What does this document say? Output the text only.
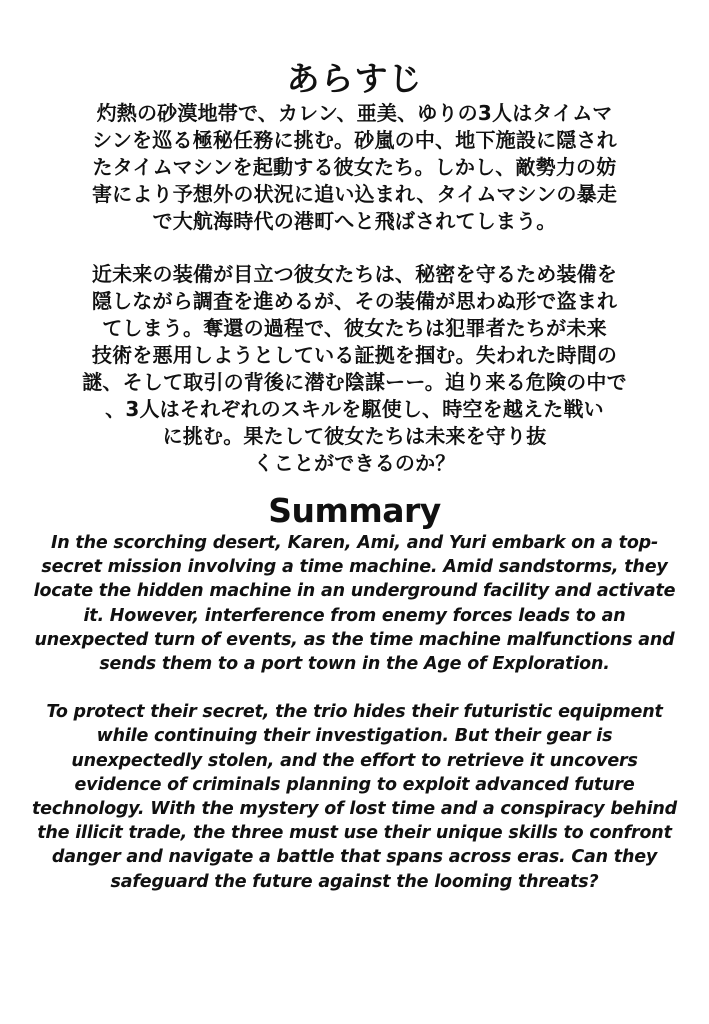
あらすじ

灼熱の砂漠地帯で、カレン、亜美、ゆりの3人はタイムマ
シンを巡る極秘任務に挑む。砂嵐の中、地下施設に隠され
たタイムマシンを起動する彼女たち。しかし、敵勢力の妨
害により予想外の状況に追い込まれ、タイムマシンの暴走
で大航海時代の港町へと飛ばされてしまう。

近未来の装備が目立つ彼女たちは、秘密を守るため装備を
隠しながら調査を進めるが、その装備が思わぬ形で盗まれ
てしまう。奪還の過程で、彼女たちは犯罪者たちが未来
技術を悪用しようとしている証拠を掴む。失われた時間の
謎、そして取引の背後に潜む陰謀ーー。迫り来る危険の中で
、3人はそれぞれのスキルを駆使し、時空を越えた戦い
に挑む。果たして彼女たちは未来を守り抜
くことができるのか？

Summary

In the scorching desert, Karen, Ami, and Yuri embark on a top-secret mission involving a time machine. Amid sandstorms, they locate the hidden machine in an underground facility and activate it. However, interference from enemy forces leads to an unexpected turn of events, as the time machine malfunctions and sends them to a port town in the Age of Exploration.

To protect their secret, the trio hides their futuristic equipment while continuing their investigation. But their gear is unexpectedly stolen, and the effort to retrieve it uncovers evidence of criminals planning to exploit advanced future technology. With the mystery of lost time and a conspiracy behind the illicit trade, the three must use their unique skills to confront danger and navigate a battle that spans across eras. Can they safeguard the future against the looming threats?
